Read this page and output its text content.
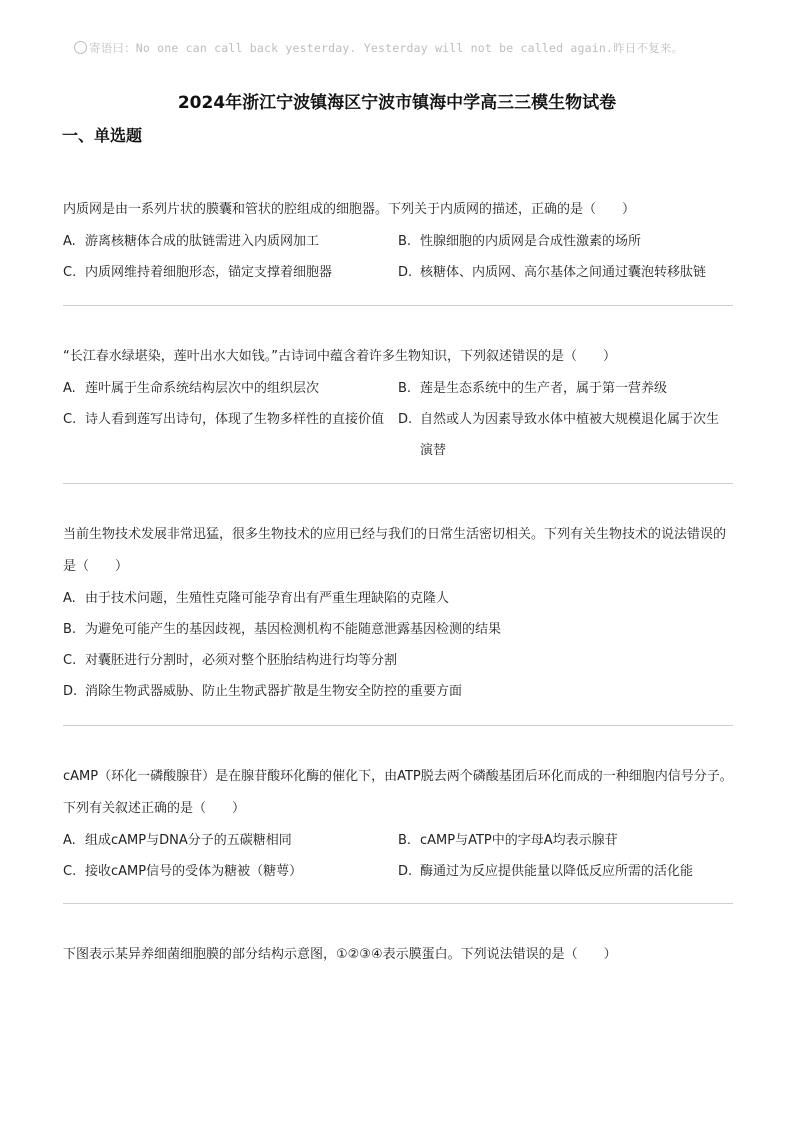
寄语曰：No one can call back yesterday. Yesterday will not be called again.昨日不复来。
2024年浙江宁波镇海区宁波市镇海中学高三三模生物试卷
一、单选题
内质网是由一系列片状的膜囊和管状的腔组成的细胞器。下列关于内质网的描述，正确的是（　　）
A. 游离核糖体合成的肽链需进入内质网加工	B. 性腺细胞的内质网是合成性激素的场所
C. 内质网维持着细胞形态，锚定支撑着细胞器	D. 核糖体、内质网、高尔基体之间通过囊泡转移肽链
“长江春水绿堪染，莲叶出水大如钱。”古诗词中蕴含着许多生物知识，下列叙述错误的是（　　）
A. 莲叶属于生命系统结构层次中的组织层次	B. 莲是生态系统中的生产者，属于第一营养级
C. 诗人看到莲写出诗句，体现了生物多样性的直接价值	D. 自然或人为因素导致水体中植被大规模退化属于次生演替
当前生物技术发展非常迅猛，很多生物技术的应用已经与我们的日常生活密切相关。下列有关生物技术的说法错误的是（　　）
A. 由于技术问题，生殖性克隆可能孕育出有严重生理缺陷的克隆人
B. 为避免可能产生的基因歧视，基因检测机构不能随意泄露基因检测的结果
C. 对囊胚进行分割时，必须对整个胚胎结构进行均等分割
D. 消除生物武器威胁、防止生物武器扩散是生物安全防控的重要方面
cAMP（环化一磷酸腺苷）是在腺苷酸环化酶的催化下，由ATP脱去两个磷酸基团后环化而成的一种细胞内信号分子。下列有关叙述正确的是（　　）
A. 组成cAMP与DNA分子的五碳糖相同	B. cAMP与ATP中的字母A均表示腺苷
C. 接收cAMP信号的受体为糖被（糖萼）	D. 酶通过为反应提供能量以降低反应所需的活化能
下图表示某异养细菌细胞膜的部分结构示意图，①②③④表示膜蛋白。下列说法错误的是（　　）
